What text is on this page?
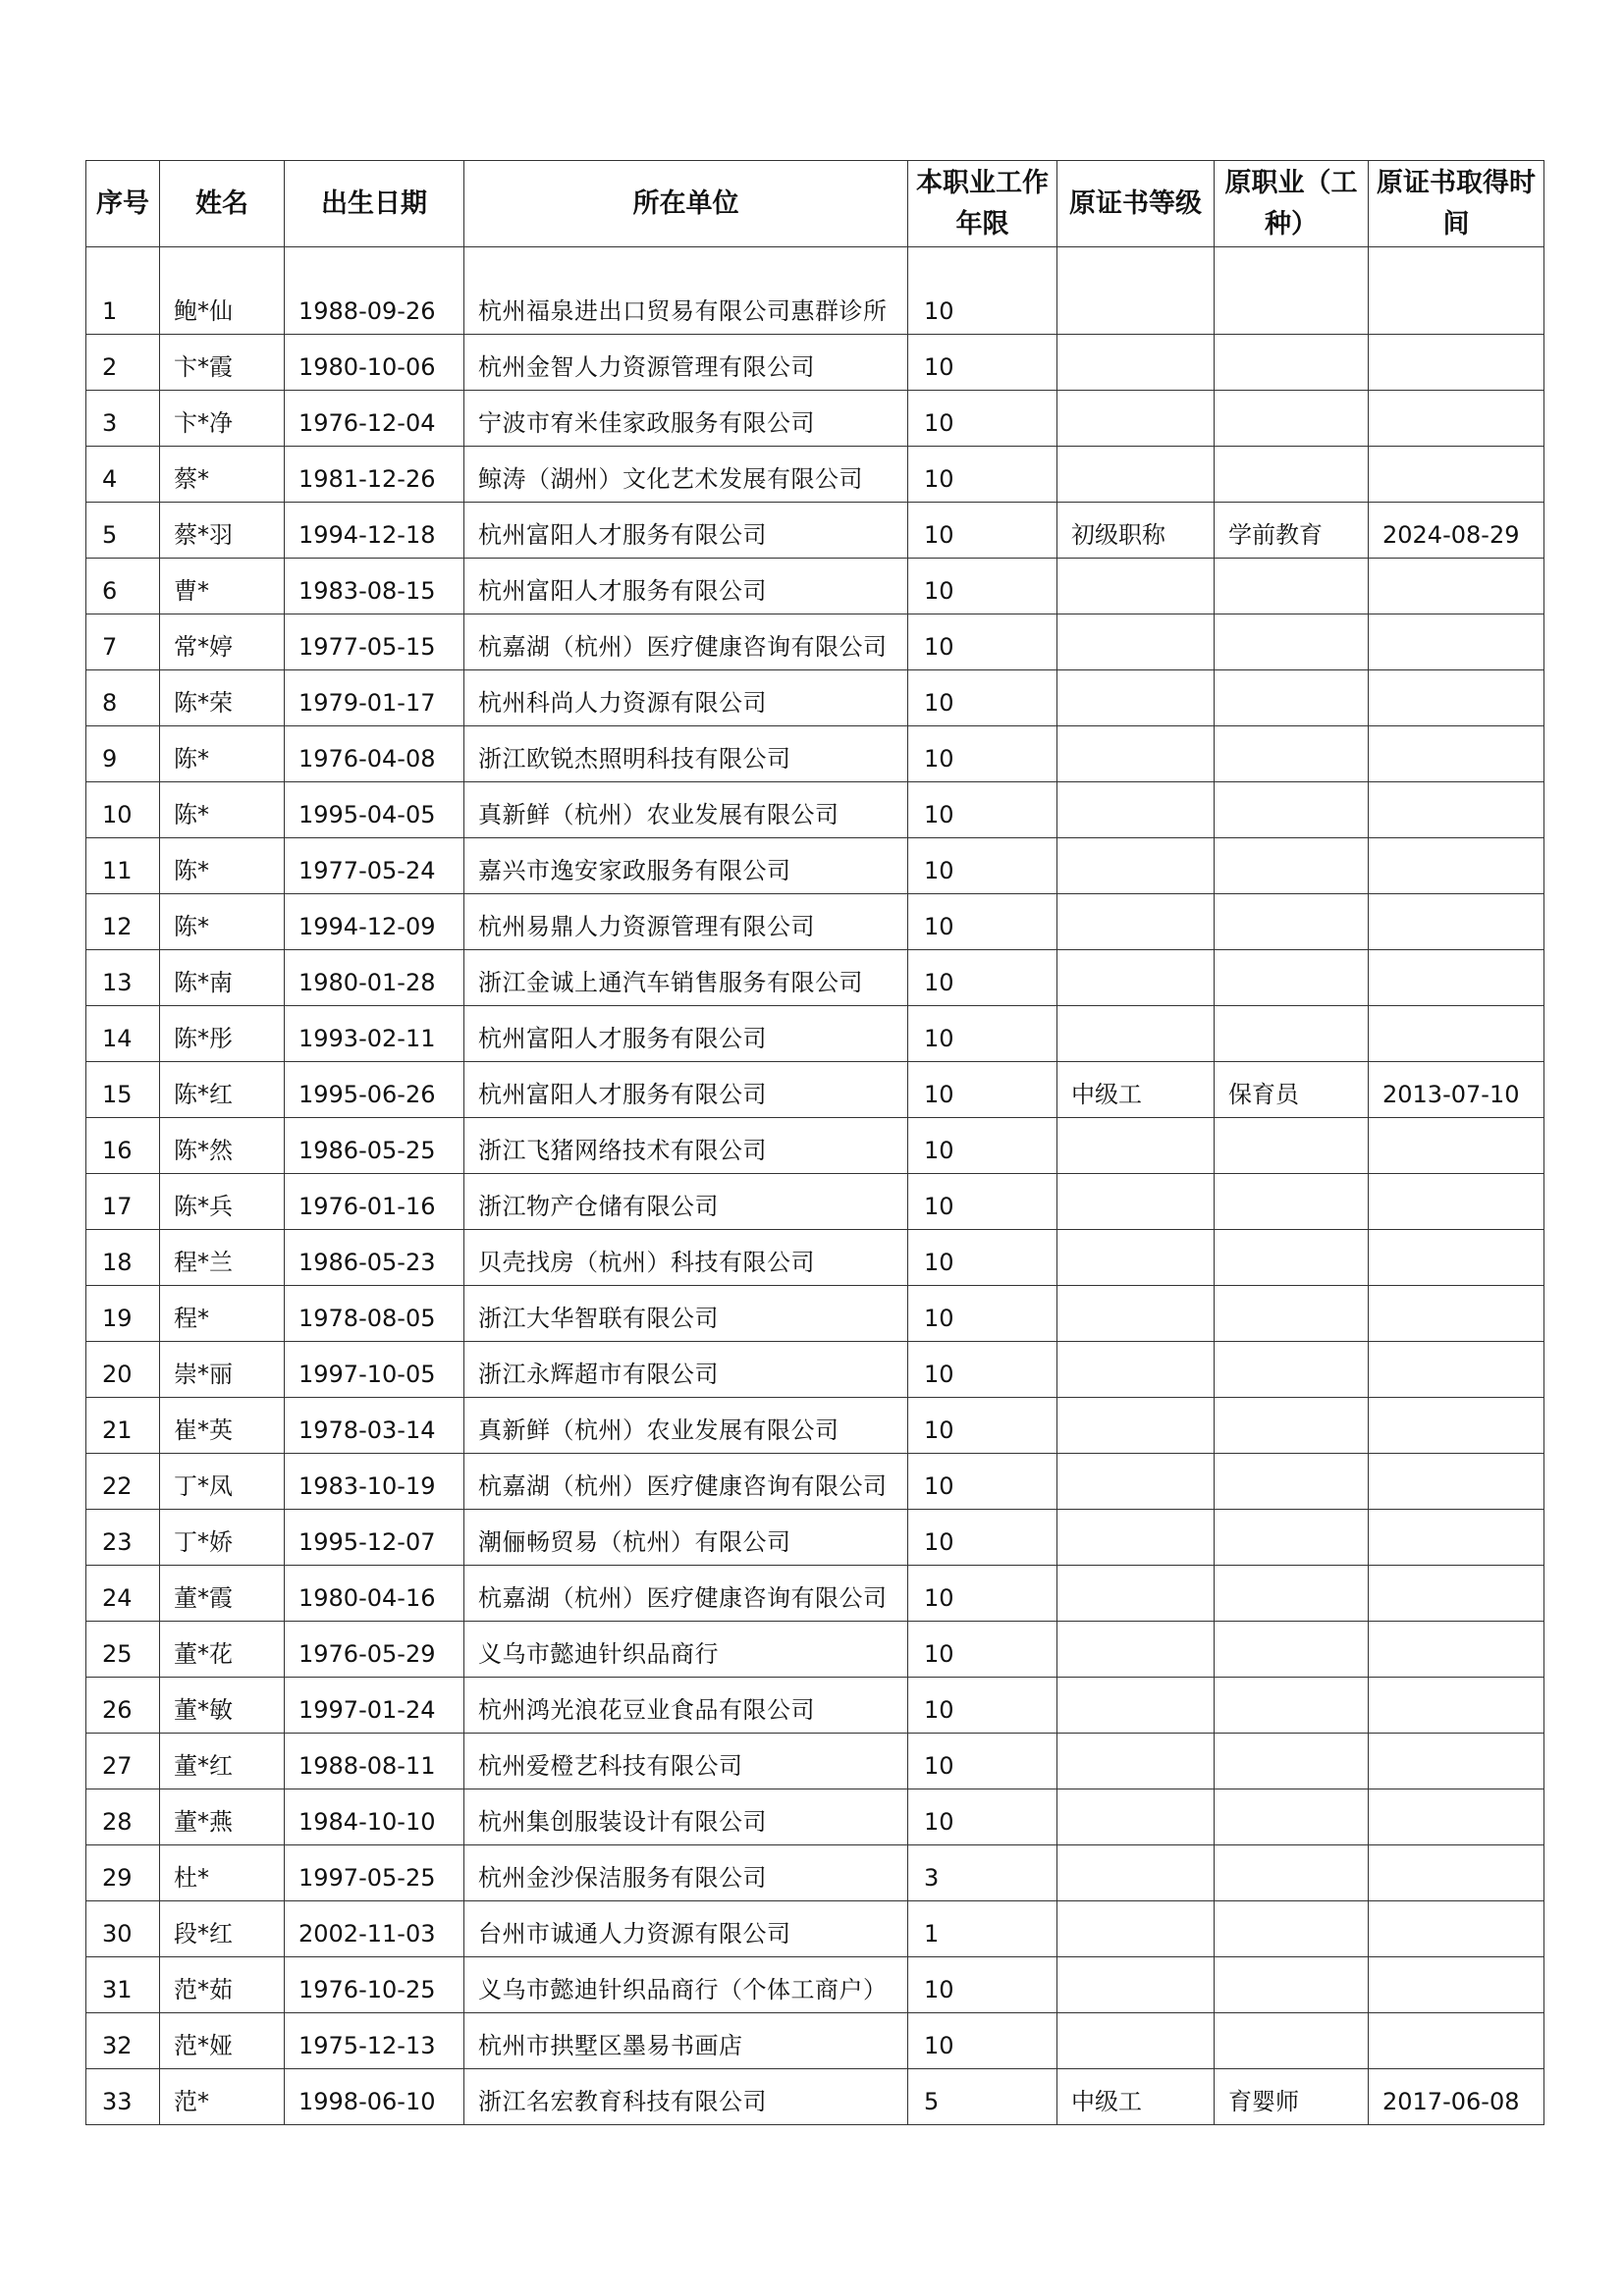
序号	姓名	出生日期	所在单位	本职业工作年限	原证书等级	原职业（工种）	原证书取得时间
1	鲍*仙	1988-09-26	杭州福泉进出口贸易有限公司惠群诊所	10			
2	卞*霞	1980-10-06	杭州金智人力资源管理有限公司	10			
3	卞*净	1976-12-04	宁波市宥米佳家政服务有限公司	10			
4	蔡*	1981-12-26	鲸涛（湖州）文化艺术发展有限公司	10			
5	蔡*羽	1994-12-18	杭州富阳人才服务有限公司	10	初级职称	学前教育	2024-08-29
6	曹*	1983-08-15	杭州富阳人才服务有限公司	10			
7	常*婷	1977-05-15	杭嘉湖（杭州）医疗健康咨询有限公司	10			
8	陈*荣	1979-01-17	杭州科尚人力资源有限公司	10			
9	陈*	1976-04-08	浙江欧锐杰照明科技有限公司	10			
10	陈*	1995-04-05	真新鲜（杭州）农业发展有限公司	10			
11	陈*	1977-05-24	嘉兴市逸安家政服务有限公司	10			
12	陈*	1994-12-09	杭州易鼎人力资源管理有限公司	10			
13	陈*南	1980-01-28	浙江金诚上通汽车销售服务有限公司	10			
14	陈*彤	1993-02-11	杭州富阳人才服务有限公司	10			
15	陈*红	1995-06-26	杭州富阳人才服务有限公司	10	中级工	保育员	2013-07-10
16	陈*然	1986-05-25	浙江飞猪网络技术有限公司	10			
17	陈*兵	1976-01-16	浙江物产仓储有限公司	10			
18	程*兰	1986-05-23	贝壳找房（杭州）科技有限公司	10			
19	程*	1978-08-05	浙江大华智联有限公司	10			
20	崇*丽	1997-10-05	浙江永辉超市有限公司	10			
21	崔*英	1978-03-14	真新鲜（杭州）农业发展有限公司	10			
22	丁*凤	1983-10-19	杭嘉湖（杭州）医疗健康咨询有限公司	10			
23	丁*娇	1995-12-07	潮俪畅贸易（杭州）有限公司	10			
24	董*霞	1980-04-16	杭嘉湖（杭州）医疗健康咨询有限公司	10			
25	董*花	1976-05-29	义乌市懿迪针织品商行	10			
26	董*敏	1997-01-24	杭州鸿光浪花豆业食品有限公司	10			
27	董*红	1988-08-11	杭州爱橙艺科技有限公司	10			
28	董*燕	1984-10-10	杭州集创服装设计有限公司	10			
29	杜*	1997-05-25	杭州金沙保洁服务有限公司	3			
30	段*红	2002-11-03	台州市诚通人力资源有限公司	1			
31	范*茹	1976-10-25	义乌市懿迪针织品商行（个体工商户）	10			
32	范*娅	1975-12-13	杭州市拱墅区墨易书画店	10			
33	范*	1998-06-10	浙江名宏教育科技有限公司	5	中级工	育婴师	2017-06-08
